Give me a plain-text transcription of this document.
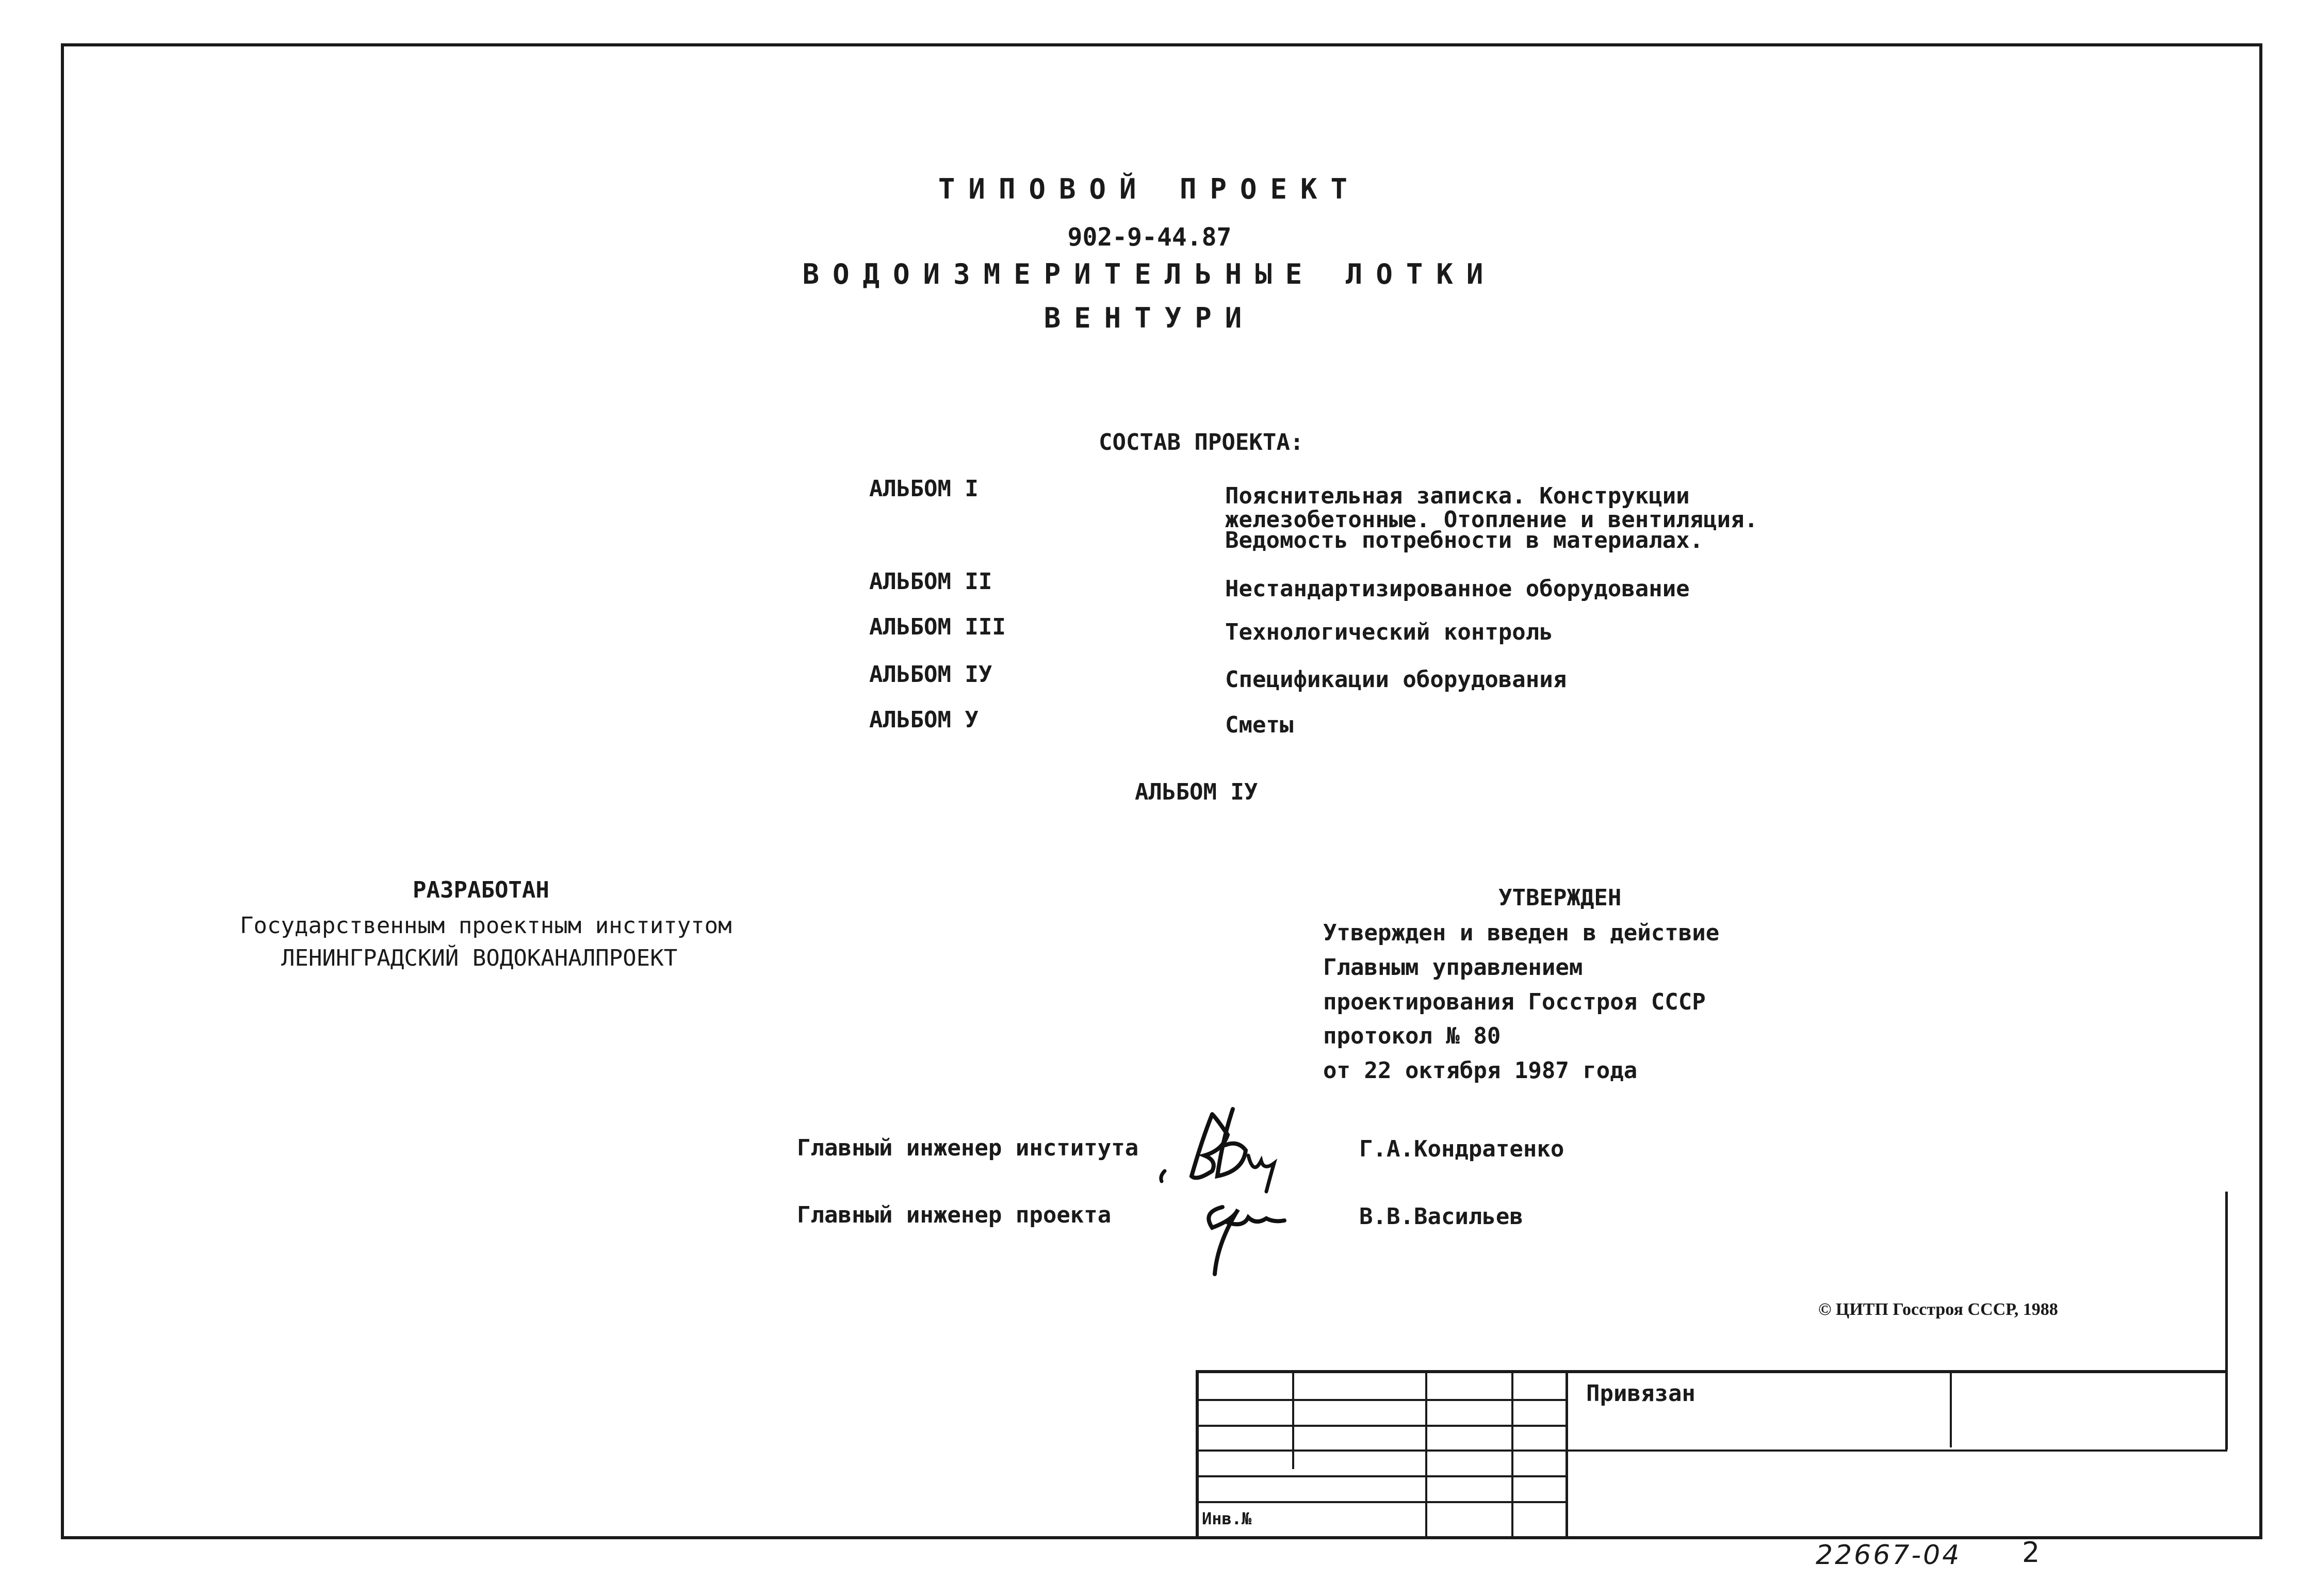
ТИПОВОЙ ПРОЕКТ
902-9-44.87
ВОДОИЗМЕРИТЕЛЬНЫЕ ЛОТКИ
ВЕНТУРИ
СОСТАВ ПРОЕКТА:
АЛЬБОМ I	Пояснительная записка. Конструкции
железобетонные. Отопление и вентиляция.
Ведомость потребности в материалах.
АЛЬБОМ II	Нестандартизированное оборудование
АЛЬБОМ III	Технологический контроль
АЛЬБОМ IУ	Спецификации оборудования
АЛЬБОМ У	Сметы
АЛЬБОМ IУ
РАЗРАБОТАН
Государственным проектным институтом
ЛЕНИНГРАДСКИЙ ВОДОКАНАЛПРОЕКТ
УТВЕРЖДЕН
Утвержден и введен в действие
Главным управлением
проектирования Госстроя СССР
протокол № 80
от 22 октября 1987 года
Главный инженер института	Г.А.Кондратенко
Главный инженер проекта	В.В.Васильев
© ЦИТП Госстроя СССР, 1988
Привязан
Инв.№
22667-04 2
